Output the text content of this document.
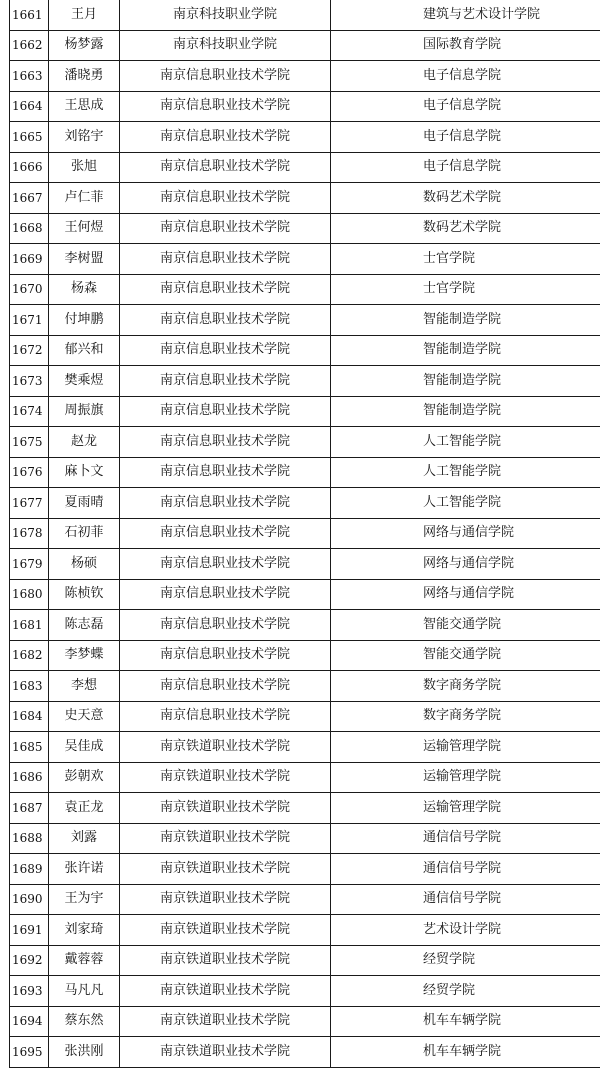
1661	王月	南京科技职业学院	建筑与艺术设计学院
1662	杨梦露	南京科技职业学院	国际教育学院
1663	潘晓勇	南京信息职业技术学院	电子信息学院
1664	王思成	南京信息职业技术学院	电子信息学院
1665	刘铭宇	南京信息职业技术学院	电子信息学院
1666	张旭	南京信息职业技术学院	电子信息学院
1667	卢仁菲	南京信息职业技术学院	数码艺术学院
1668	王何煜	南京信息职业技术学院	数码艺术学院
1669	李树盟	南京信息职业技术学院	士官学院
1670	杨森	南京信息职业技术学院	士官学院
1671	付坤鹏	南京信息职业技术学院	智能制造学院
1672	郁兴和	南京信息职业技术学院	智能制造学院
1673	樊乘煜	南京信息职业技术学院	智能制造学院
1674	周振旗	南京信息职业技术学院	智能制造学院
1675	赵龙	南京信息职业技术学院	人工智能学院
1676	麻卜文	南京信息职业技术学院	人工智能学院
1677	夏雨晴	南京信息职业技术学院	人工智能学院
1678	石初菲	南京信息职业技术学院	网络与通信学院
1679	杨硕	南京信息职业技术学院	网络与通信学院
1680	陈桢钦	南京信息职业技术学院	网络与通信学院
1681	陈志磊	南京信息职业技术学院	智能交通学院
1682	李梦蝶	南京信息职业技术学院	智能交通学院
1683	李想	南京信息职业技术学院	数字商务学院
1684	史天意	南京信息职业技术学院	数字商务学院
1685	吴佳成	南京铁道职业技术学院	运输管理学院
1686	彭朝欢	南京铁道职业技术学院	运输管理学院
1687	袁正龙	南京铁道职业技术学院	运输管理学院
1688	刘露	南京铁道职业技术学院	通信信号学院
1689	张许诺	南京铁道职业技术学院	通信信号学院
1690	王为宇	南京铁道职业技术学院	通信信号学院
1691	刘家琦	南京铁道职业技术学院	艺术设计学院
1692	戴蓉蓉	南京铁道职业技术学院	经贸学院
1693	马凡凡	南京铁道职业技术学院	经贸学院
1694	蔡东然	南京铁道职业技术学院	机车车辆学院
1695	张洪刚	南京铁道职业技术学院	机车车辆学院
